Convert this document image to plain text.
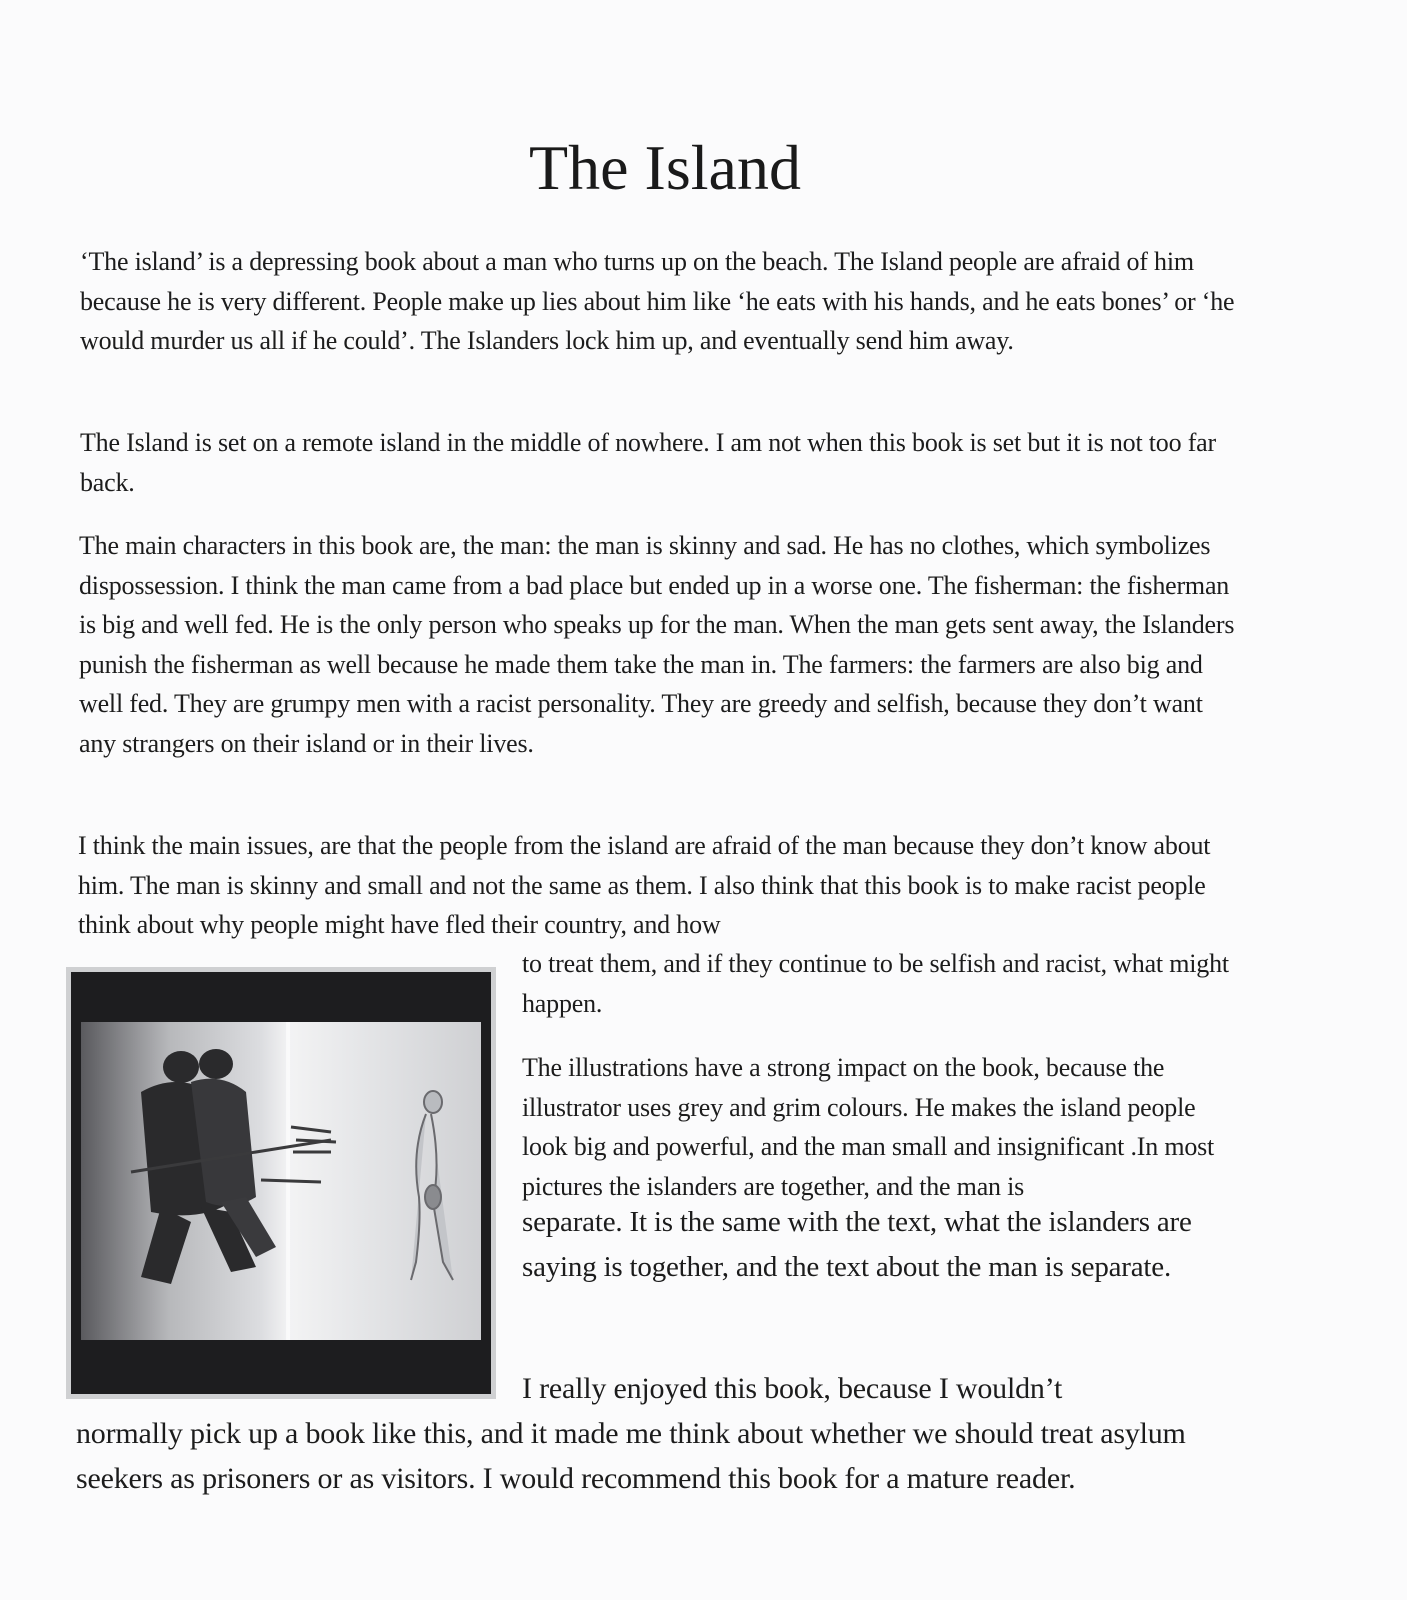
The Island

‘The island’ is a depressing book about a man who turns up on the beach. The Island people are afraid of him because he is very different. People make up lies about him like ‘he eats with his hands, and he eats bones’ or ‘he would murder us all if he could’. The Islanders lock him up, and eventually send him away.

The Island is set on a remote island in the middle of nowhere. I am not when this book is set but it is not too far back.

The main characters in this book are, the man: the man is skinny and sad. He has no clothes, which symbolizes dispossession. I think the man came from a bad place but ended up in a worse one. The fisherman: the fisherman is big and well fed. He is the only person who speaks up for the man. When the man gets sent away, the Islanders punish the fisherman as well because he made them take the man in. The farmers: the farmers are also big and well fed. They are grumpy men with a racist personality. They are greedy and selfish, because they don’t want any strangers on their island or in their lives.

I think the main issues, are that the people from the island are afraid of the man because they don’t know about him. The man is skinny and small and not the same as them. I also think that this book is to make racist people think about why people might have fled their country, and how

to treat them, and if they continue to be selfish and racist, what might happen.

The illustrations have a strong impact on the book, because the illustrator uses grey and grim colours. He makes the island people look big and powerful, and the man small and insignificant .In most pictures the islanders are together, and the man is

separate. It is the same with the text, what the islanders are saying is together, and the text about the man is separate.

I really enjoyed this book, because I wouldn’t

normally pick up a book like this, and it made me think about whether we should treat asylum seekers as prisoners or as visitors. I would recommend this book for a mature reader.
